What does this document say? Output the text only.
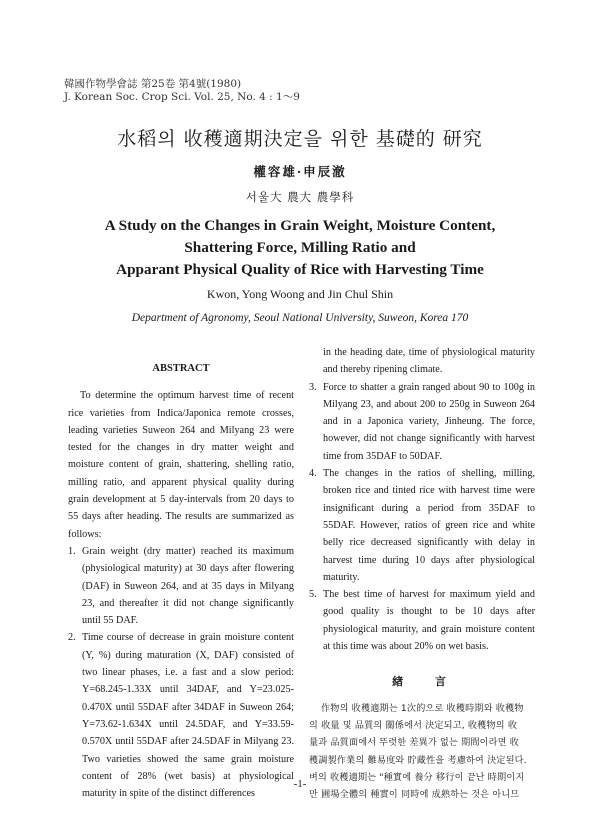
韓國作物學會誌 第25卷 第4號(1980)
J. Korean Soc. Crop Sci. Vol. 25, No. 4 : 1～9
水稻의 收穫適期決定을 위한 基礎的 研究
權容雄·申辰澈
서울大 農大 農學科
A Study on the Changes in Grain Weight, Moisture Content,
Shattering Force, Milling Ratio and
Apparant Physical Quality of Rice with Harvesting Time
Kwon, Yong Woong and Jin Chul Shin
Department of Agronomy, Seoul National University, Suweon, Korea 170
ABSTRACT

To determine the optimum harvest time of recent rice varieties from Indica/Japonica remote crosses, leading varieties Suweon 264 and Milyang 23 were tested for the changes in dry matter weight and moisture content of grain, shattering, shelling ratio, milling ratio, and apparent physical quality during grain development at 5 day-intervals from 20 days to 55 days after heading. The results are summarized as follows:

1. Grain weight (dry matter) reached its maximum (physiological maturity) at 30 days after flowering (DAF) in Suweon 264, and at 35 days in Milyang 23, and thereafter it did not change significantly until 55 DAF.
2. Time course of decrease in grain moisture content (Y, %) during maturation (X, DAF) consisted of two linear phases, i.e. a fast and a slow period: Y=68.245-1.33X until 34DAF, and Y=23.025-0.470X until 55DAF after 34DAF in Suweon 264; Y=73.62-1.634X until 24.5DAF, and Y=33.59-0.570X until 55DAF after 24.5DAF in Milyang 23. Two varieties showed the same grain moisture content of 28% (wet basis) at physiological maturity in spite of the distinct differences

in the heading date, time of physiological maturity and thereby ripening climate.

3. Force to shatter a grain ranged about 90 to 100g in Milyang 23, and about 200 to 250g in Suweon 264 and in a Japonica variety, Jinheung. The force, however, did not change significantly with harvest time from 35DAF to 50DAF.
4. The changes in the ratios of shelling, milling, broken rice and tinted rice with harvest time were insignificant during a period from 35DAF to 55DAF. However, ratios of green rice and white belly rice decreased significantly with delay in harvest time during 10 days after physiological maturity.
5. The best time of harvest for maximum yield and good quality is thought to be 10 days after physiological maturity, and grain moisture content at this time was about 20% on wet basis.
緖 言
作物의 收穫適期는 1次的으로 收穫時期와 收穫物
의 收量 및 品質의 關係에서 決定되고, 收穫物의 收
量과 品質面에서 뚜렷한 差異가 없는 期間이라면 收
穫調製作業의 難易度와 貯藏性을 考慮하여 決定된다.
벼의 收穫適期는 "種實에 養分 移行이 끝난 時期이지
만 圃場全體의 種實이 同時에 成熟하는 것은 아니므
-1-
